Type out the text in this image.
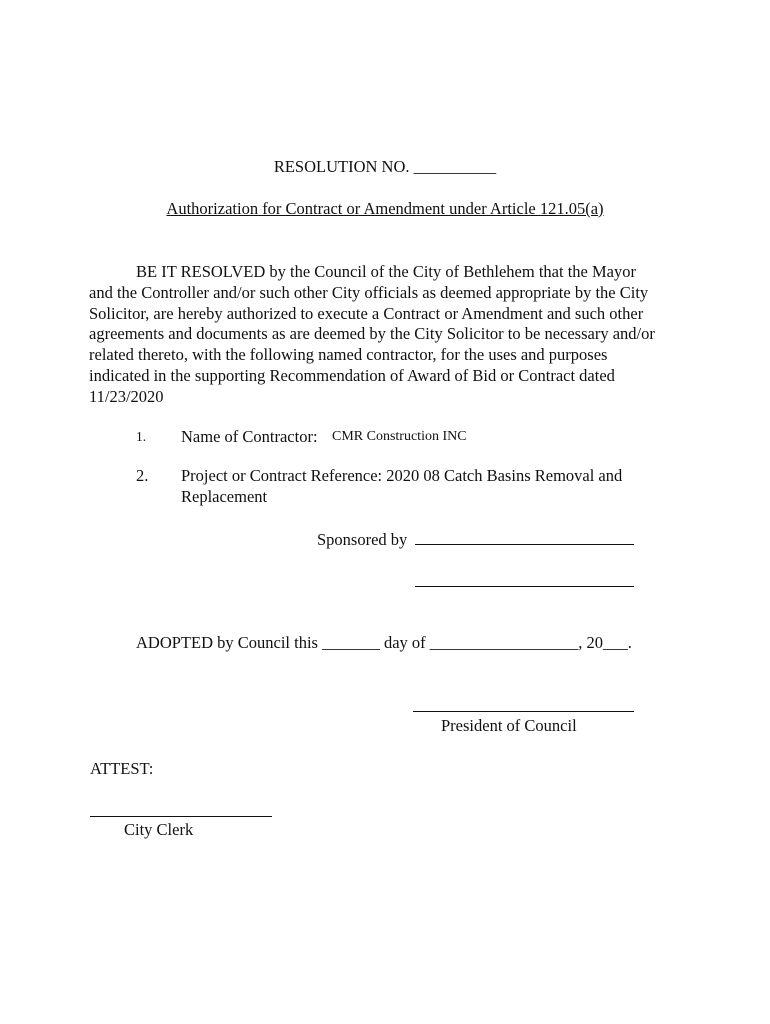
RESOLUTION NO. __________
Authorization for Contract or Amendment under Article 121.05(a)
BE IT RESOLVED by the Council of the City of Bethlehem that the Mayor
and the Controller and/or such other City officials as deemed appropriate by the City
Solicitor, are hereby authorized to execute a Contract or Amendment and such other
agreements and documents as are deemed by the City Solicitor to be necessary and/or
related thereto, with the following named contractor, for the uses and purposes
indicated in the supporting Recommendation of Award of Bid or Contract dated
11/23/2020
1. Name of Contractor: CMR Construction INC
2. Project or Contract Reference: 2020 08 Catch Basins Removal and
Replacement
Sponsored by
ADOPTED by Council this _______ day of __________________, 20___.
President of Council
ATTEST:
City Clerk
